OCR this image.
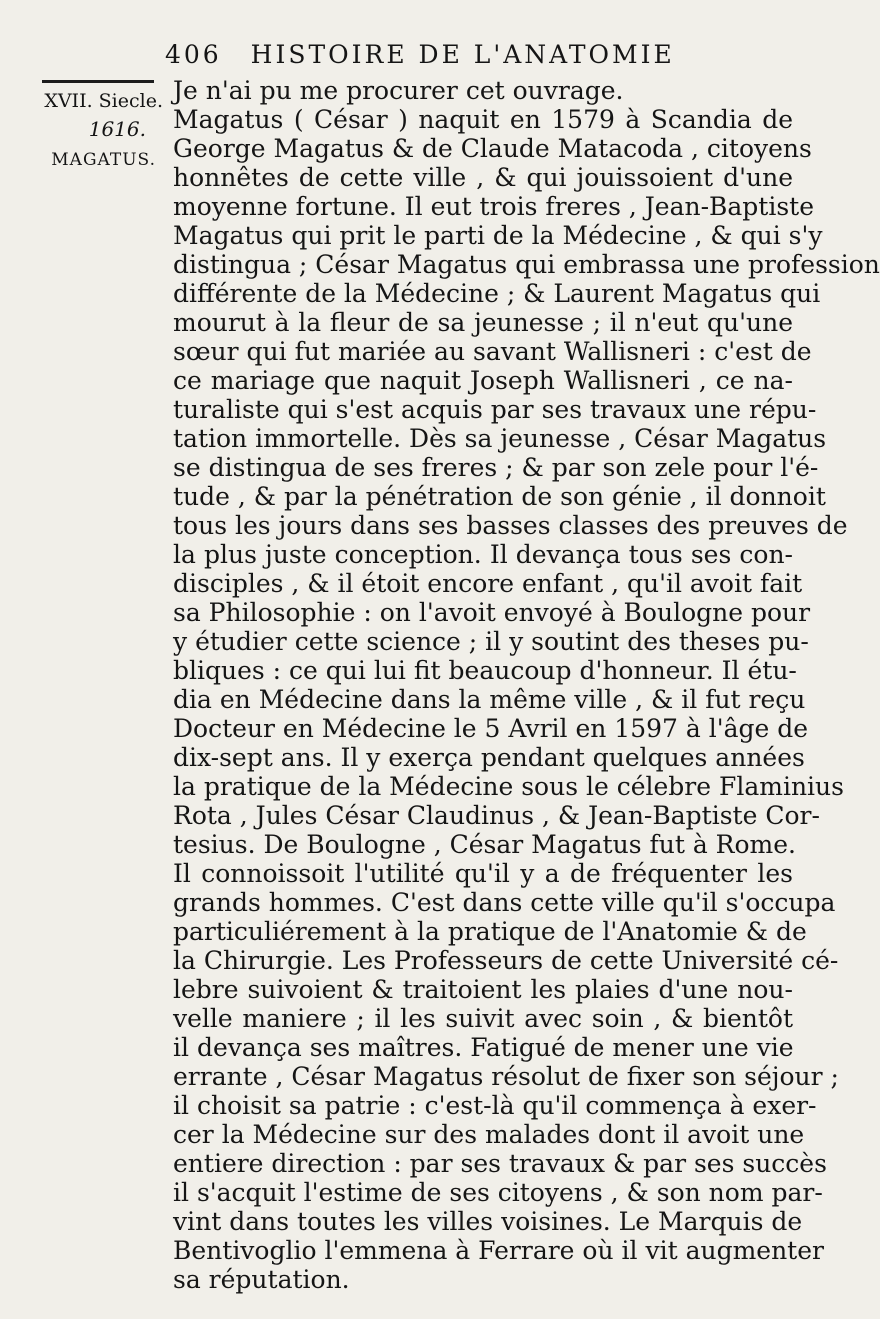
406 HISTOIRE DE L'ANATOMIE
XVII. Siecle.
1616.
MAGATUS.
Je n'ai pu me procurer cet ouvrage.
Magatus ( César ) naquit en 1579 à Scandia de
George Magatus & de Claude Matacoda , citoyens
honnêtes de cette ville , & qui jouissoient d'une
moyenne fortune. Il eut trois freres , Jean-Baptiste
Magatus qui prit le parti de la Médecine , & qui s'y
distingua ; César Magatus qui embrassa une profession
différente de la Médecine ; & Laurent Magatus qui
mourut à la fleur de sa jeunesse ; il n'eut qu'une
sœur qui fut mariée au savant Wallisneri : c'est de
ce mariage que naquit Joseph Wallisneri , ce na-
turaliste qui s'est acquis par ses travaux une répu-
tation immortelle. Dès sa jeunesse , César Magatus
se distingua de ses freres ; & par son zele pour l'é-
tude , & par la pénétration de son génie , il donnoit
tous les jours dans ses basses classes des preuves de
la plus juste conception. Il devança tous ses con-
disciples , & il étoit encore enfant , qu'il avoit fait
sa Philosophie : on l'avoit envoyé à Boulogne pour
y étudier cette science ; il y soutint des theses pu-
bliques : ce qui lui fit beaucoup d'honneur. Il étu-
dia en Médecine dans la même ville , & il fut reçu
Docteur en Médecine le 5 Avril en 1597 à l'âge de
dix-sept ans. Il y exerça pendant quelques années
la pratique de la Médecine sous le célebre Flaminius
Rota , Jules César Claudinus , & Jean-Baptiste Cor-
tesius. De Boulogne , César Magatus fut à Rome.
Il connoissoit l'utilité qu'il y a de fréquenter les
grands hommes. C'est dans cette ville qu'il s'occupa
particuliérement à la pratique de l'Anatomie & de
la Chirurgie. Les Professeurs de cette Université cé-
lebre suivoient & traitoient les plaies d'une nou-
velle maniere ; il les suivit avec soin , & bientôt
il devança ses maîtres. Fatigué de mener une vie
errante , César Magatus résolut de fixer son séjour ;
il choisit sa patrie : c'est-là qu'il commença à exer-
cer la Médecine sur des malades dont il avoit une
entiere direction : par ses travaux & par ses succès
il s'acquit l'estime de ses citoyens , & son nom par-
vint dans toutes les villes voisines. Le Marquis de
Bentivoglio l'emmena à Ferrare où il vit augmenter
sa réputation.
